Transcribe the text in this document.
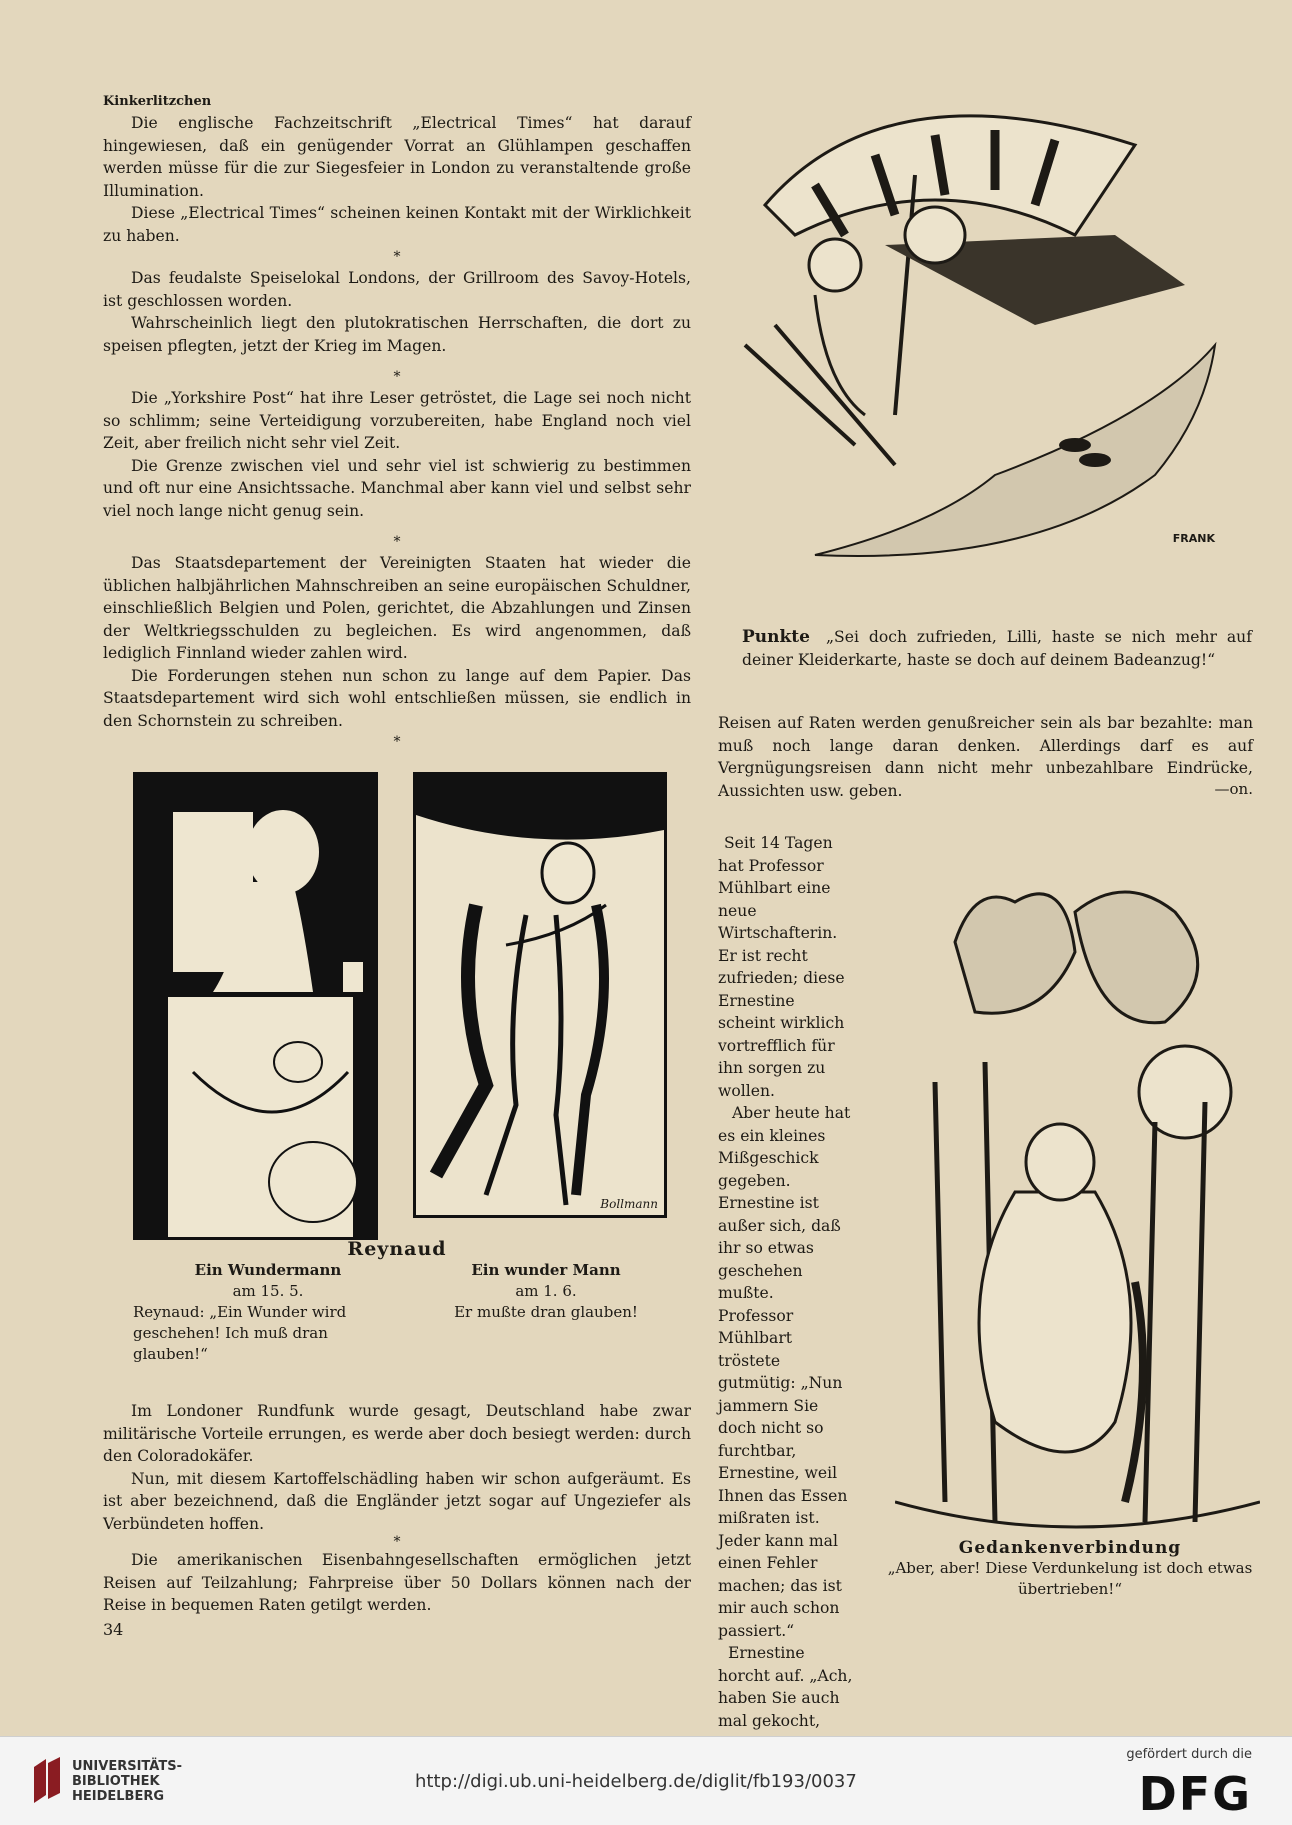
Kinkerlitzchen

Die englische Fachzeitschrift „Electrical Times“ hat darauf hingewiesen, daß ein genügender Vorrat an Glühlampen geschaffen werden müsse für die zur Siegesfeier in London zu veranstaltende große Illumination.

Diese „Electrical Times“ scheinen keinen Kontakt mit der Wirklichkeit zu haben.

*

Das feudalste Speiselokal Londons, der Grillroom des Savoy-Hotels, ist geschlossen worden.

Wahrscheinlich liegt den plutokratischen Herrschaften, die dort zu speisen pflegten, jetzt der Krieg im Magen.

*

Die „Yorkshire Post“ hat ihre Leser getröstet, die Lage sei noch nicht so schlimm; seine Verteidigung vorzubereiten, habe England noch viel Zeit, aber freilich nicht sehr viel Zeit.

Die Grenze zwischen viel und sehr viel ist schwierig zu bestimmen und oft nur eine Ansichtssache. Manchmal aber kann viel und selbst sehr viel noch lange nicht genug sein.

*

Das Staatsdepartement der Vereinigten Staaten hat wieder die üblichen halbjährlichen Mahnschreiben an seine europäischen Schuldner, einschließlich Belgien und Polen, gerichtet, die Abzahlungen und Zinsen der Weltkriegsschulden zu begleichen. Es wird angenommen, daß lediglich Finnland wieder zahlen wird.

Die Forderungen stehen nun schon zu lange auf dem Papier. Das Staatsdepartement wird sich wohl entschließen müssen, sie endlich in den Schornstein zu schreiben.

*
Bollmann
Reynaud
Ein Wundermann
am 15. 5.
Reynaud: „Ein Wunder wird geschehen! Ich muß dran glauben!“
Ein wunder Mann
am 1. 6.
Er mußte dran glauben!

Im Londoner Rundfunk wurde gesagt, Deutschland habe zwar militärische Vorteile errungen, es werde aber doch besiegt werden: durch den Coloradokäfer.

Nun, mit diesem Kartoffelschädling haben wir schon aufgeräumt. Es ist aber bezeichnend, daß die Engländer jetzt sogar auf Ungeziefer als Verbündeten hoffen.

*

Die amerikanischen Eisenbahngesellschaften ermöglichen jetzt Reisen auf Teilzahlung; Fahrpreise über 50 Dollars können nach der Reise in bequemen Raten getilgt werden.

34
FRANK

Punkte „Sei doch zufrieden, Lilli, haste se nich mehr auf deiner Kleiderkarte, haste se doch auf deinem Badeanzug!“

Reisen auf Raten werden genußreicher sein als bar bezahlte: man muß noch lange daran denken. Allerdings darf es auf Vergnügungsreisen dann nicht mehr unbezahlbare Eindrücke, Aussichten usw. geben.	—on.

Seit 14 Tagen hat Professor Mühlbart eine neue Wirtschafterin. Er ist recht zufrieden; diese Ernestine scheint wirklich vortrefflich für ihn sorgen zu wollen.

Aber heute hat es ein kleines Mißgeschick gegeben. Ernestine ist außer sich, daß ihr so etwas geschehen mußte.

Professor Mühlbart tröstete gutmütig: „Nun jammern Sie doch nicht so furchtbar, Ernestine, weil Ihnen das Essen mißraten ist. Jeder kann mal einen Fehler machen; das ist mir auch schon passiert.“

Ernestine horcht auf. „Ach, haben Sie auch mal gekocht,

Gedankenverbindung
„Aber, aber! Diese Verdunkelung ist doch etwas übertrieben!“
UNIVERSITÄTS-
BIBLIOTHEK
HEIDELBERG
http://digi.ub.uni-heidelberg.de/diglit/fb193/0037
gefördert durch die
DFG
